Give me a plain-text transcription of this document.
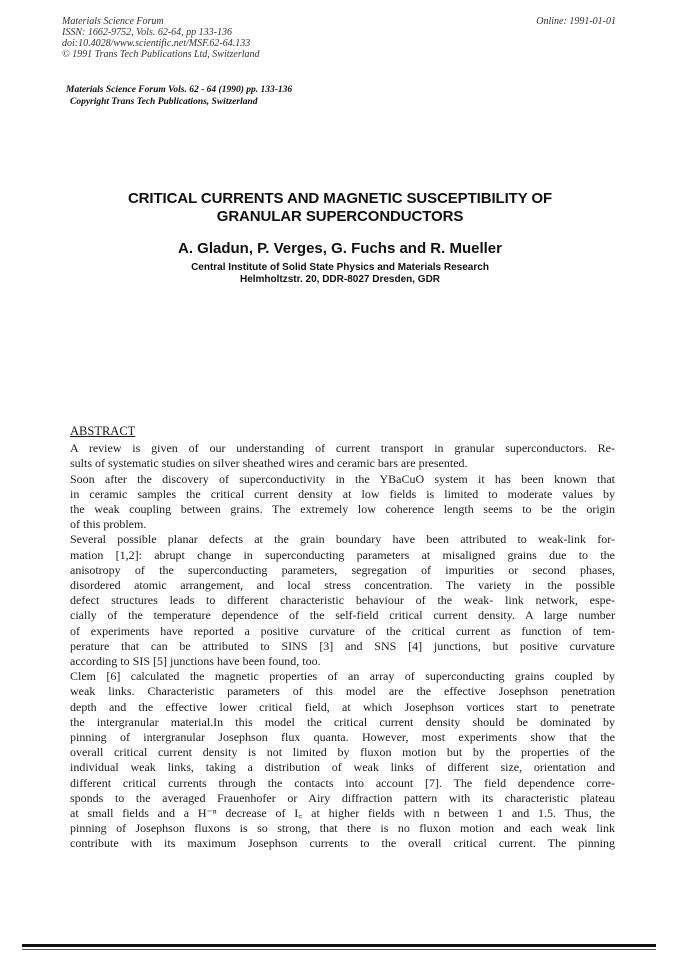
Materials Science Forum
ISSN: 1662-9752, Vols. 62-64, pp 133-136
doi:10.4028/www.scientific.net/MSF.62-64.133
© 1991 Trans Tech Publications Ltd, Switzerland
Online: 1991-01-01
Materials Science Forum Vols. 62 - 64 (1990) pp. 133-136
Copyright Trans Tech Publications, Switzerland
CRITICAL CURRENTS AND MAGNETIC SUSCEPTIBILITY OF
GRANULAR SUPERCONDUCTORS
A. Gladun, P. Verges, G. Fuchs and R. Mueller
Central Institute of Solid State Physics and Materials Research
Helmholtzstr. 20, DDR-8027 Dresden, GDR
ABSTRACT
A review is given of our understanding of current transport in granular superconductors. Re-
sults of systematic studies on silver sheathed wires and ceramic bars are presented.
Soon after the discovery of superconductivity in the YBaCuO system it has been known that
in ceramic samples the critical current density at low fields is limited to moderate values by
the weak coupling between grains. The extremely low coherence length seems to be the origin
of this problem.
Several possible planar defects at the grain boundary have been attributed to weak-link for-
mation [1,2]: abrupt change in superconducting parameters at misaligned grains due to the
anisotropy of the superconducting parameters, segregation of impurities or second phases,
disordered atomic arrangement, and local stress concentration. The variety in the possible
defect structures leads to different characteristic behaviour of the weak- link network, espe-
cially of the temperature dependence of the self-field critical current density. A large number
of experiments have reported a positive curvature of the critical current as function of tem-
perature that can be attributed to SINS [3] and SNS [4] junctions, but positive curvature
according to SIS [5] junctions have been found, too.
Clem [6] calculated the magnetic properties of an array of superconducting grains coupled by
weak links. Characteristic parameters of this model are the effective Josephson penetration
depth and the effective lower critical field, at which Josephson vortices start to penetrate
the intergranular material.In this model the critical current density should be dominated by
pinning of intergranular Josephson flux quanta. However, most experiments show that the
overall critical current density is not limited by fluxon motion but by the properties of the
individual weak links, taking a distribution of weak links of different size, orientation and
different critical currents through the contacts into account [7]. The field dependence corre-
sponds to the averaged Frauenhofer or Airy diffraction pattern with its characteristic plateau
at small fields and a H⁻ⁿ decrease of I꜀ at higher fields with n between 1 and 1.5. Thus, the
pinning of Josephson fluxons is so strong, that there is no fluxon motion and each weak link
contribute with its maximum Josephson currents to the overall critical current. The pinning
